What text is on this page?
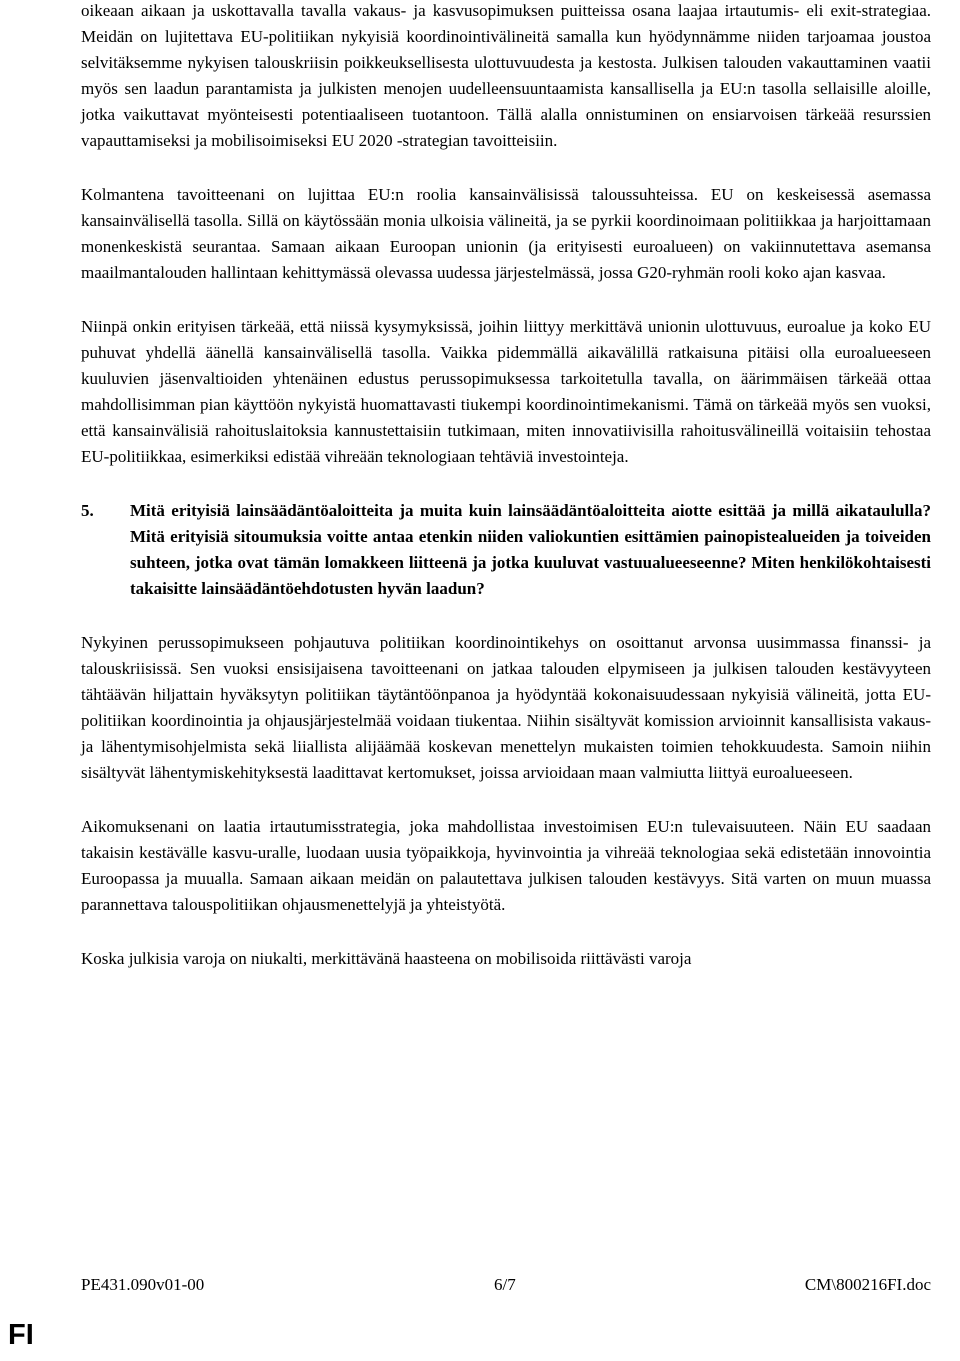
oikeaan aikaan ja uskottavalla tavalla vakaus- ja kasvusopimuksen puitteissa osana laajaa irtautumis- eli exit-strategiaa. Meidän on lujitettava EU-politiikan nykyisiä koordinointivälineitä samalla kun hyödynnämme niiden tarjoamaa joustoa selvitäksemme nykyisen talouskriisin poikkeuksellisesta ulottuvuudesta ja kestosta. Julkisen talouden vakauttaminen vaatii myös sen laadun parantamista ja julkisten menojen uudelleensuuntaamista kansallisella ja EU:n tasolla sellaisille aloille, jotka vaikuttavat myönteisesti potentiaaliseen tuotantoon. Tällä alalla onnistuminen on ensiarvoisen tärkeää resurssien vapauttamiseksi ja mobilisoimiseksi EU 2020 -strategian tavoitteisiin.

Kolmantena tavoitteenani on lujittaa EU:n roolia kansainvälisissä taloussuhteissa. EU on keskeisessä asemassa kansainvälisellä tasolla. Sillä on käytössään monia ulkoisia välineitä, ja se pyrkii koordinoimaan politiikkaa ja harjoittamaan monenkeskistä seurantaa. Samaan aikaan Euroopan unionin (ja erityisesti euroalueen) on vakiinnutettava asemansa maailmantalouden hallintaan kehittymässä olevassa uudessa järjestelmässä, jossa G20-ryhmän rooli koko ajan kasvaa.

Niinpä onkin erityisen tärkeää, että niissä kysymyksissä, joihin liittyy merkittävä unionin ulottuvuus, euroalue ja koko EU puhuvat yhdellä äänellä kansainvälisellä tasolla. Vaikka pidemmällä aikavälillä ratkaisuna pitäisi olla euroalueeseen kuuluvien jäsenvaltioiden yhtenäinen edustus perussopimuksessa tarkoitetulla tavalla, on äärimmäisen tärkeää ottaa mahdollisimman pian käyttöön nykyistä huomattavasti tiukempi koordinointimekanismi. Tämä on tärkeää myös sen vuoksi, että kansainvälisiä rahoituslaitoksia kannustettaisiin tutkimaan, miten innovatiivisilla rahoitusvälineillä voitaisiin tehostaa EU-politiikkaa, esimerkiksi edistää vihreään teknologiaan tehtäviä investointeja.

5.	Mitä erityisiä lainsäädäntöaloitteita ja muita kuin lainsäädäntöaloitteita aiotte esittää ja millä aikataululla? Mitä erityisiä sitoumuksia voitte antaa etenkin niiden valiokuntien esittämien painopistealueiden ja toiveiden suhteen, jotka ovat tämän lomakkeen liitteenä ja jotka kuuluvat vastuualueeseenne? Miten henkilökohtaisesti takaisitte lainsäädäntöehdotusten hyvän laadun?

Nykyinen perussopimukseen pohjautuva politiikan koordinointikehys on osoittanut arvonsa uusimmassa finanssi- ja talouskriisissä. Sen vuoksi ensisijaisena tavoitteenani on jatkaa talouden elpymiseen ja julkisen talouden kestävyyteen tähtäävän hiljattain hyväksytyn politiikan täytäntöönpanoa ja hyödyntää kokonaisuudessaan nykyisiä välineitä, jotta EU-politiikan koordinointia ja ohjausjärjestelmää voidaan tiukentaa. Niihin sisältyvät komission arvioinnit kansallisista vakaus- ja lähentymisohjelmista sekä liiallista alijäämää koskevan menettelyn mukaisten toimien tehokkuudesta. Samoin niihin sisältyvät lähentymiskehityksestä laadittavat kertomukset, joissa arvioidaan maan valmiutta liittyä euroalueeseen.

Aikomuksenani on laatia irtautumisstrategia, joka mahdollistaa investoimisen EU:n tulevaisuuteen. Näin EU saadaan takaisin kestävälle kasvu-uralle, luodaan uusia työpaikkoja, hyvinvointia ja vihreää teknologiaa sekä edistetään innovointia Euroopassa ja muualla. Samaan aikaan meidän on palautettava julkisen talouden kestävyys. Sitä varten on muun muassa parannettava talouspolitiikan ohjausmenettelyjä ja yhteistyötä.

Koska julkisia varoja on niukalti, merkittävänä haasteena on mobilisoida riittävästi varoja

PE431.090v01-00	6/7	CM\800216FI.doc
FI
